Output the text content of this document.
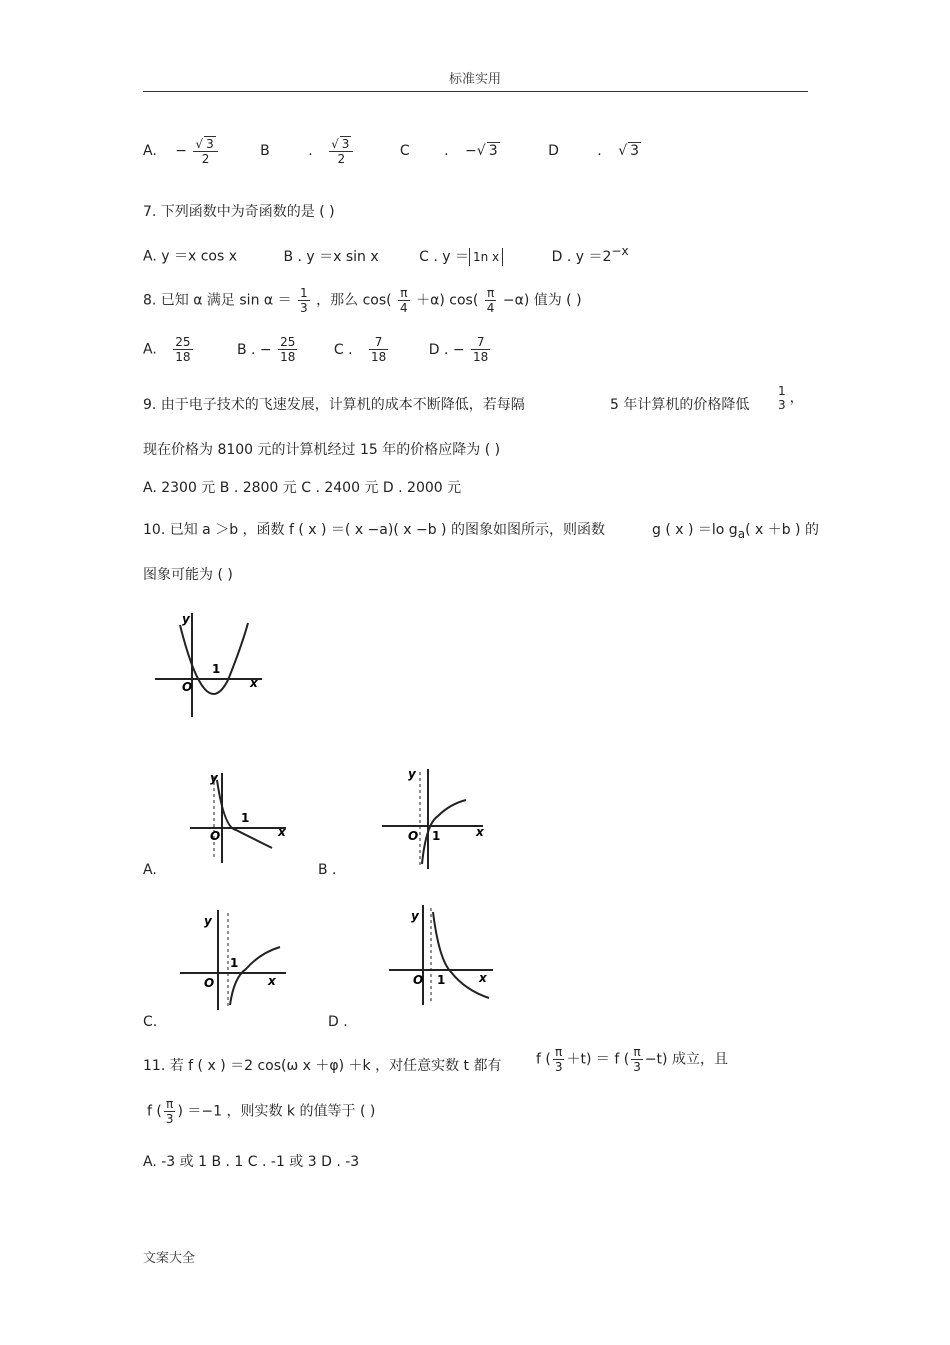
标准实用
A. − $\frac{√ 3}{2}$	B	. $\frac{√ 3}{2}$	C . −√ 3	D	. √ 3
7. 下列函数中为奇函数的是 ( )
A. y ＝x cos x	B . y ＝x sin x	C . y ＝ 1n x	D . $y =2^{-x}$
8. 已知 α 满足 $\sin \alpha = \frac{1}{3}$ ，那么 $\cos( \frac{\pi}{4} +\alpha)$ $\cos( \frac{\pi}{4} -\alpha)$ 值为 ( )
A. $\frac{25}{18}$	B . − $\frac{25}{18}$	C . $\frac{7}{18}$	D . − $\frac{7}{18}$
9. 由于电子技术的飞速发展，计算机的成本不断降低，若每隔	5 年计算机的价格降低
1
3 ，
现在价格为 8100 元的计算机经过 15 年的价格应降为 ( )
A. 2300 元 B . 2800 元 C . 2400 元 D . 2000 元
10. 已知 a ＞b ，函数 f ( x ) ＝( x −a)( x −b ) 的图象如图所示，则函数	g ( x ) ＝lo $g_a$( x ＋b ) 的
图象可能为 ( )
y
x
O
1
y
x
O
1
A.
y
x
O 1
B .
y
x
O
1
C.
y
x
O 1
D .
11. 若 f ( x ) ＝2 cos(ω x ＋φ) ＋k ，对任意实数 t 都有 f ( $\frac{\pi}{3} +t) = f$ ( $\frac{\pi}{3} -t$) 成立，且
f ( $\frac{\pi}{3}$ ) ＝−1 ，则实数 k 的值等于 ( )
A. -3 或 1 B . 1 C . -1 或 3 D . -3
文案大全
